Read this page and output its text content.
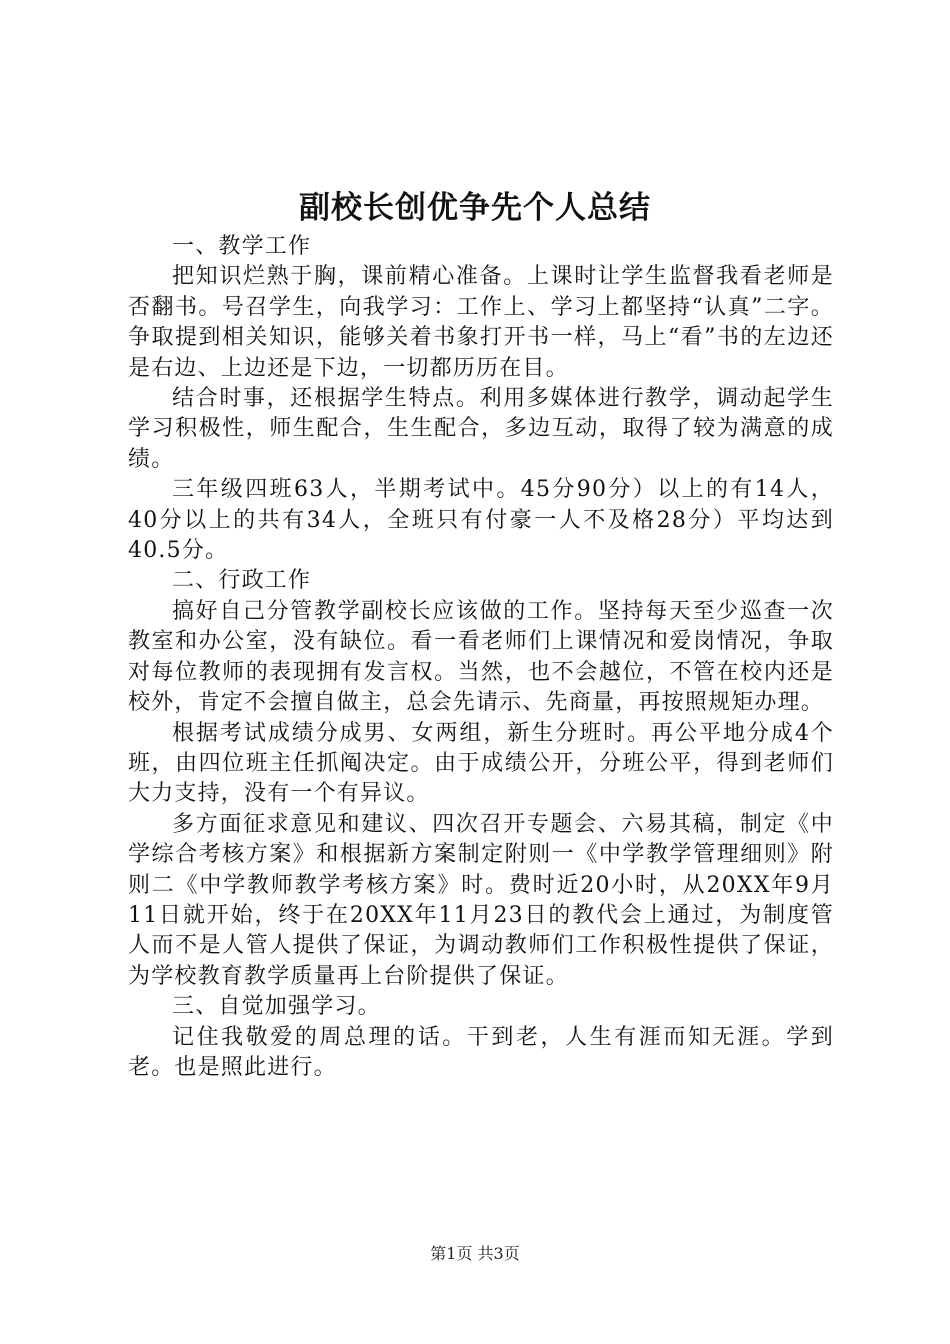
副校长创优争先个人总结

一、教学工作

把知识烂熟于胸，课前精心准备。上课时让学生监督我看老师是否翻书。号召学生，向我学习：工作上、学习上都坚持“认真”二字。争取提到相关知识，能够关着书象打开书一样，马上“看”书的左边还是右边、上边还是下边，一切都历历在目。

结合时事，还根据学生特点。利用多媒体进行教学，调动起学生学习积极性，师生配合，生生配合，多边互动，取得了较为满意的成绩。

三年级四班63人，半期考试中。45分90分）以上的有14人，40分以上的共有34人，全班只有付豪一人不及格28分）平均达到40.5分。

二、行政工作

搞好自己分管教学副校长应该做的工作。坚持每天至少巡查一次教室和办公室，没有缺位。看一看老师们上课情况和爱岗情况，争取对每位教师的表现拥有发言权。当然，也不会越位，不管在校内还是校外，肯定不会擅自做主，总会先请示、先商量，再按照规矩办理。

根据考试成绩分成男、女两组，新生分班时。再公平地分成4个班，由四位班主任抓阄决定。由于成绩公开，分班公平，得到老师们大力支持，没有一个有异议。

多方面征求意见和建议、四次召开专题会、六易其稿，制定《中学综合考核方案》和根据新方案制定附则一《中学教学管理细则》附则二《中学教师教学考核方案》时。费时近20小时，从20XX年9月11日就开始，终于在20XX年11月23日的教代会上通过，为制度管人而不是人管人提供了保证，为调动教师们工作积极性提供了保证，为学校教育教学质量再上台阶提供了保证。

三、自觉加强学习。

记住我敬爱的周总理的话。干到老，人生有涯而知无涯。学到老。也是照此进行。

第1页 共3页
